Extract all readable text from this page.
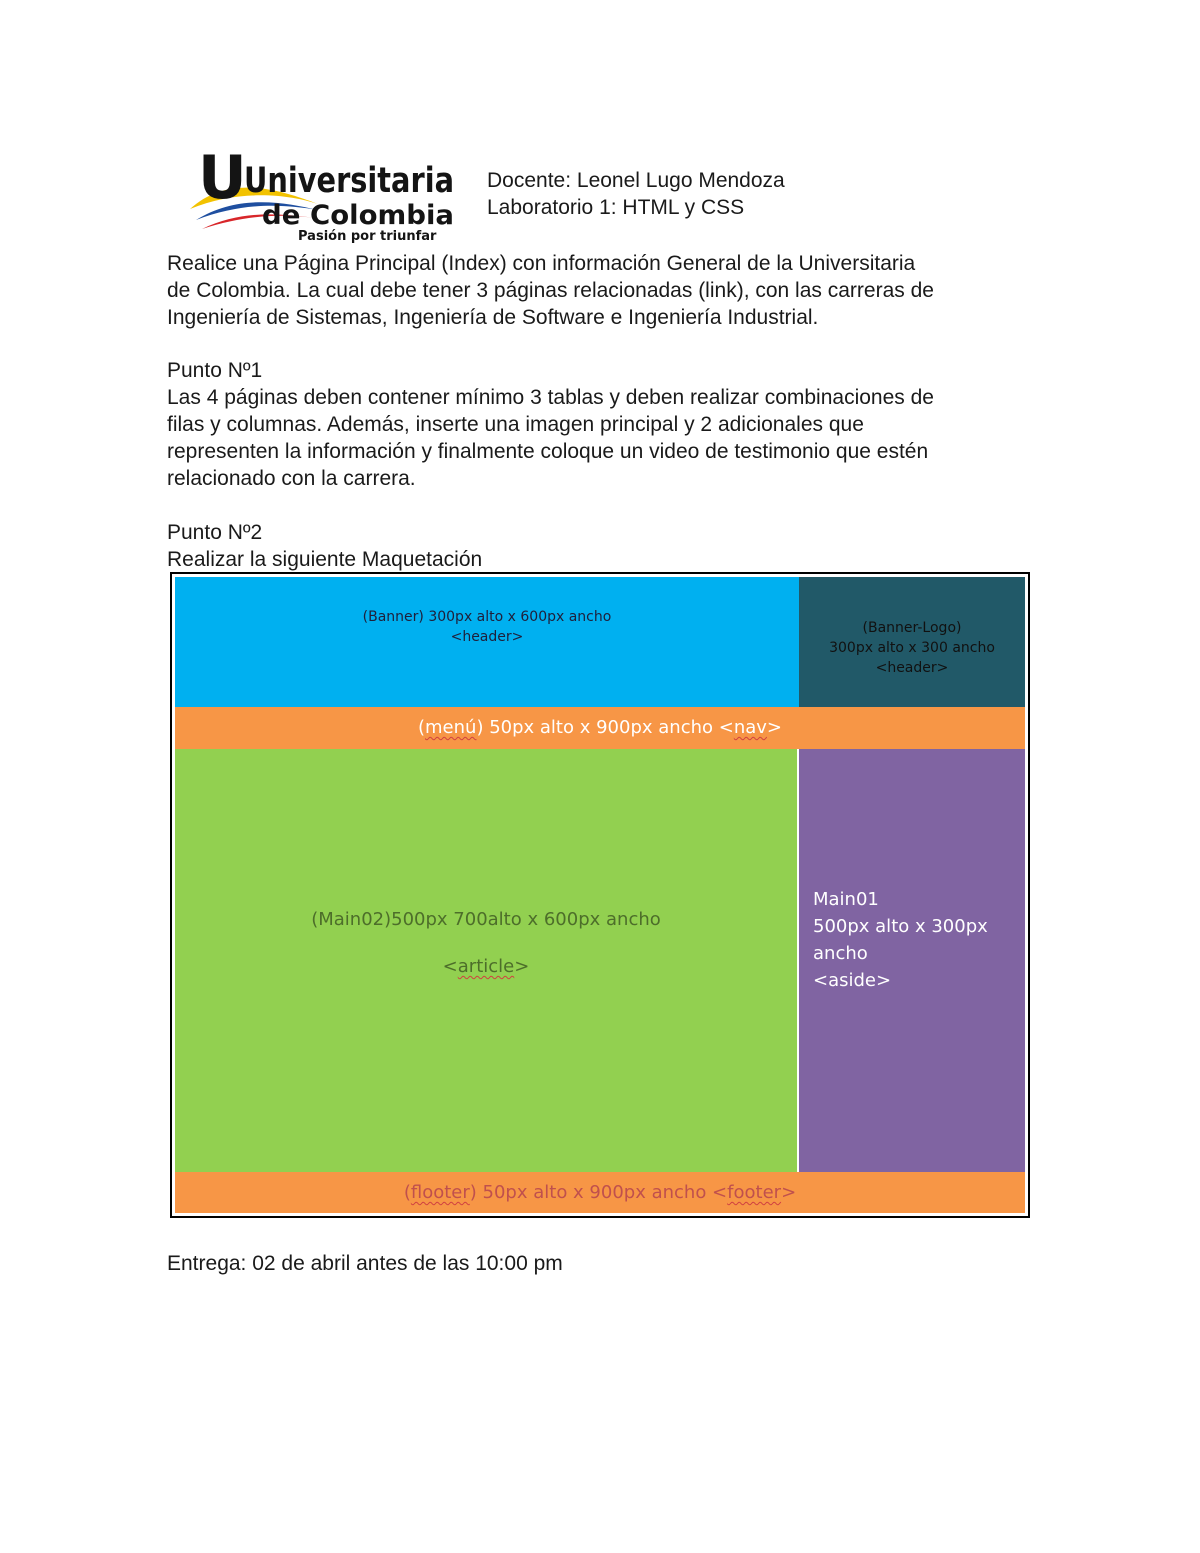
U
Universitaria
de Colombia
Pasión por triunfar
Docente: Leonel Lugo Mendoza
Laboratorio 1: HTML y CSS
Realice una Página Principal (Index) con información General de la Universitaria
de Colombia. La cual debe tener 3 páginas relacionadas (link), con las carreras de
Ingeniería de Sistemas, Ingeniería de Software e Ingeniería Industrial.
Punto Nº1
Las 4 páginas deben contener mínimo 3 tablas y deben realizar combinaciones de
filas y columnas. Además, inserte una imagen principal y 2 adicionales que
representen la información y finalmente coloque un video de testimonio que estén
relacionado con la carrera.
Punto Nº2
Realizar la siguiente Maquetación
(Banner) 300px alto x 600px ancho
<header>
(Banner-Logo)
300px alto x 300 ancho
<header>
(menú) 50px alto x 900px ancho <nav>
(Main02)500px 700alto x 600px ancho
<article>
Main01
500px alto x 300px
ancho
<aside>
(flooter) 50px alto x 900px ancho <footer>
Entrega: 02 de abril antes de las 10:00 pm
